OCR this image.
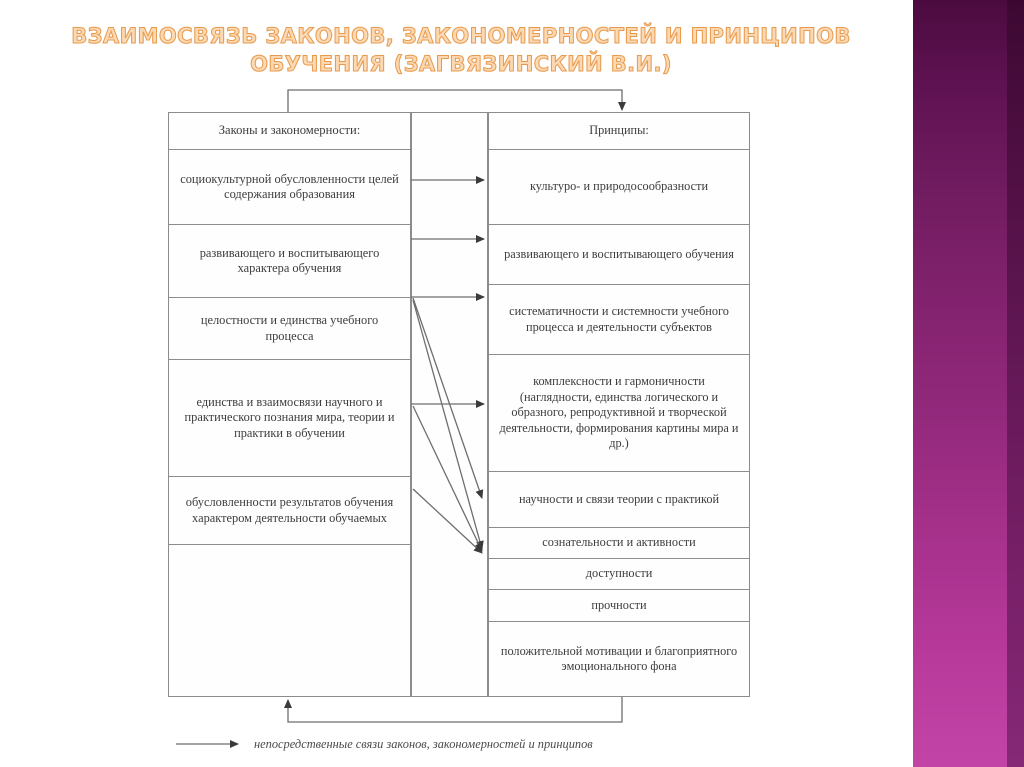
ВЗАИМОСВЯЗЬ ЗАКОНОВ, ЗАКОНОМЕРНОСТЕЙ И ПРИНЦИПОВ
ОБУЧЕНИЯ (ЗАГВЯЗИНСКИЙ В.И.)
Законы и закономерности:
социокультурной обусловленности целей содержания образования
развивающего и воспитывающего характера обучения
целостности и единства учебного процесса
единства и взаимосвязи научного и практического познания мира, теории и практики в обучении
обусловленности результатов обучения характером деятельности обучаемых
Принципы:
культуро- и природосообразности
развивающего и воспитывающего обучения
систематичности и системности учебного процесса и деятельности субъектов
комплексности и гармоничности (наглядности, единства логического и образного, репродуктивной и творческой деятельности, формирования картины мира и др.)
научности и связи теории с практикой
сознательности и активности
доступности
прочности
положительной мотивации и благоприятного эмоционального фона
непосредственные связи законов, закономерностей и принципов
